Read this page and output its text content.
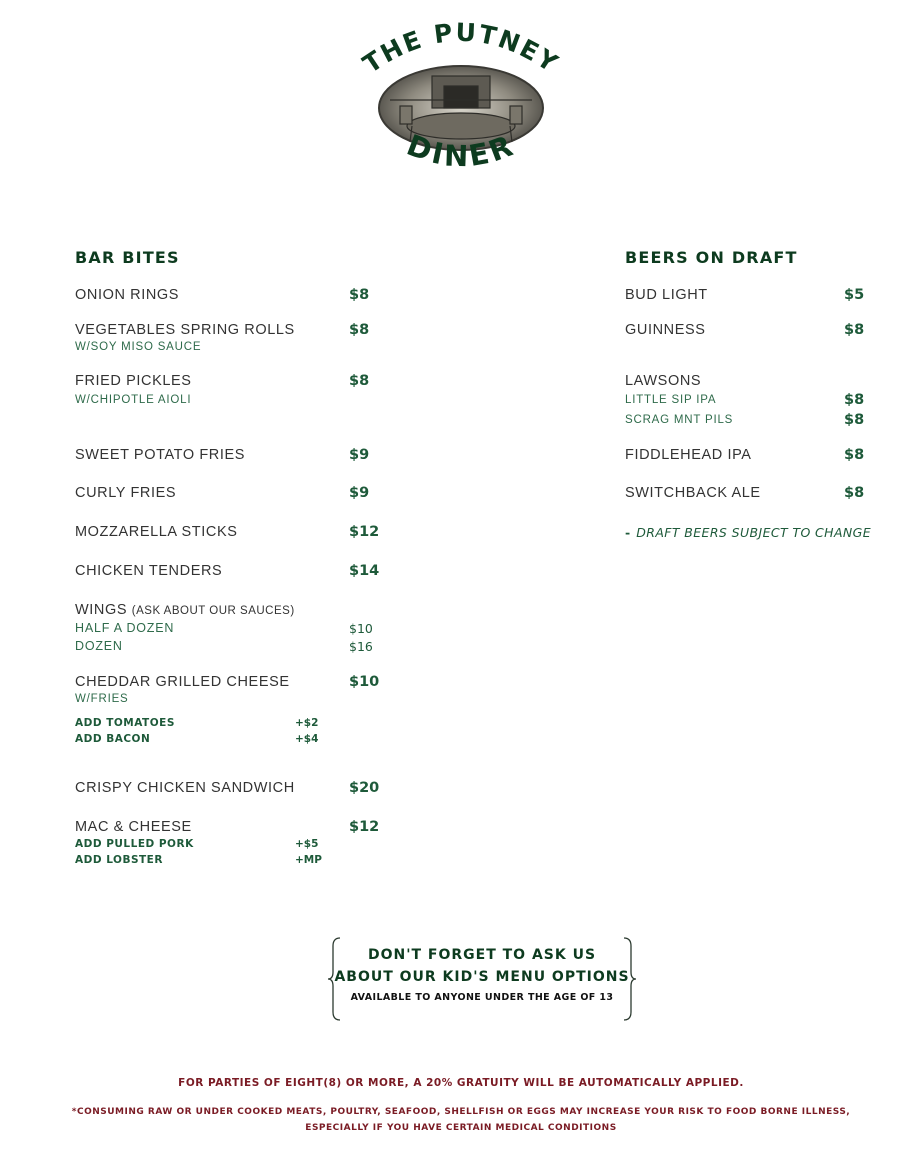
THE PUTNEY
DINER
BAR BITES
ONION RINGS	$8
VEGETABLES SPRING ROLLS	$8
W/SOY MISO SAUCE
FRIED PICKLES	$8
W/CHIPOTLE AIOLI
SWEET POTATO FRIES	$9
CURLY FRIES	$9
MOZZARELLA STICKS	$12
CHICKEN TENDERS	$14
WINGS (ASK ABOUT OUR SAUCES)
HALF A DOZEN	$10
DOZEN	$16
CHEDDAR GRILLED CHEESE	$10
W/FRIES
ADD TOMATOES	+$2
ADD BACON	+$4
CRISPY CHICKEN SANDWICH	$20
MAC & CHEESE	$12
ADD PULLED PORK	+$5
ADD LOBSTER	+MP
BEERS ON DRAFT
BUD LIGHT	$5
GUINNESS	$8
LAWSONS
LITTLE SIP IPA	$8
SCRAG MNT PILS	$8
FIDDLEHEAD IPA	$8
SWITCHBACK ALE	$8
- DRAFT BEERS SUBJECT TO CHANGE
DON'T FORGET TO ASK US
ABOUT OUR KID'S MENU OPTIONS
AVAILABLE TO ANYONE UNDER THE AGE OF 13
FOR PARTIES OF EIGHT(8) OR MORE, A 20% GRATUITY WILL BE AUTOMATICALLY APPLIED.
*CONSUMING RAW OR UNDER COOKED MEATS, POULTRY, SEAFOOD, SHELLFISH OR EGGS MAY INCREASE YOUR RISK TO FOOD BORNE ILLNESS,
ESPECIALLY IF YOU HAVE CERTAIN MEDICAL CONDITIONS
